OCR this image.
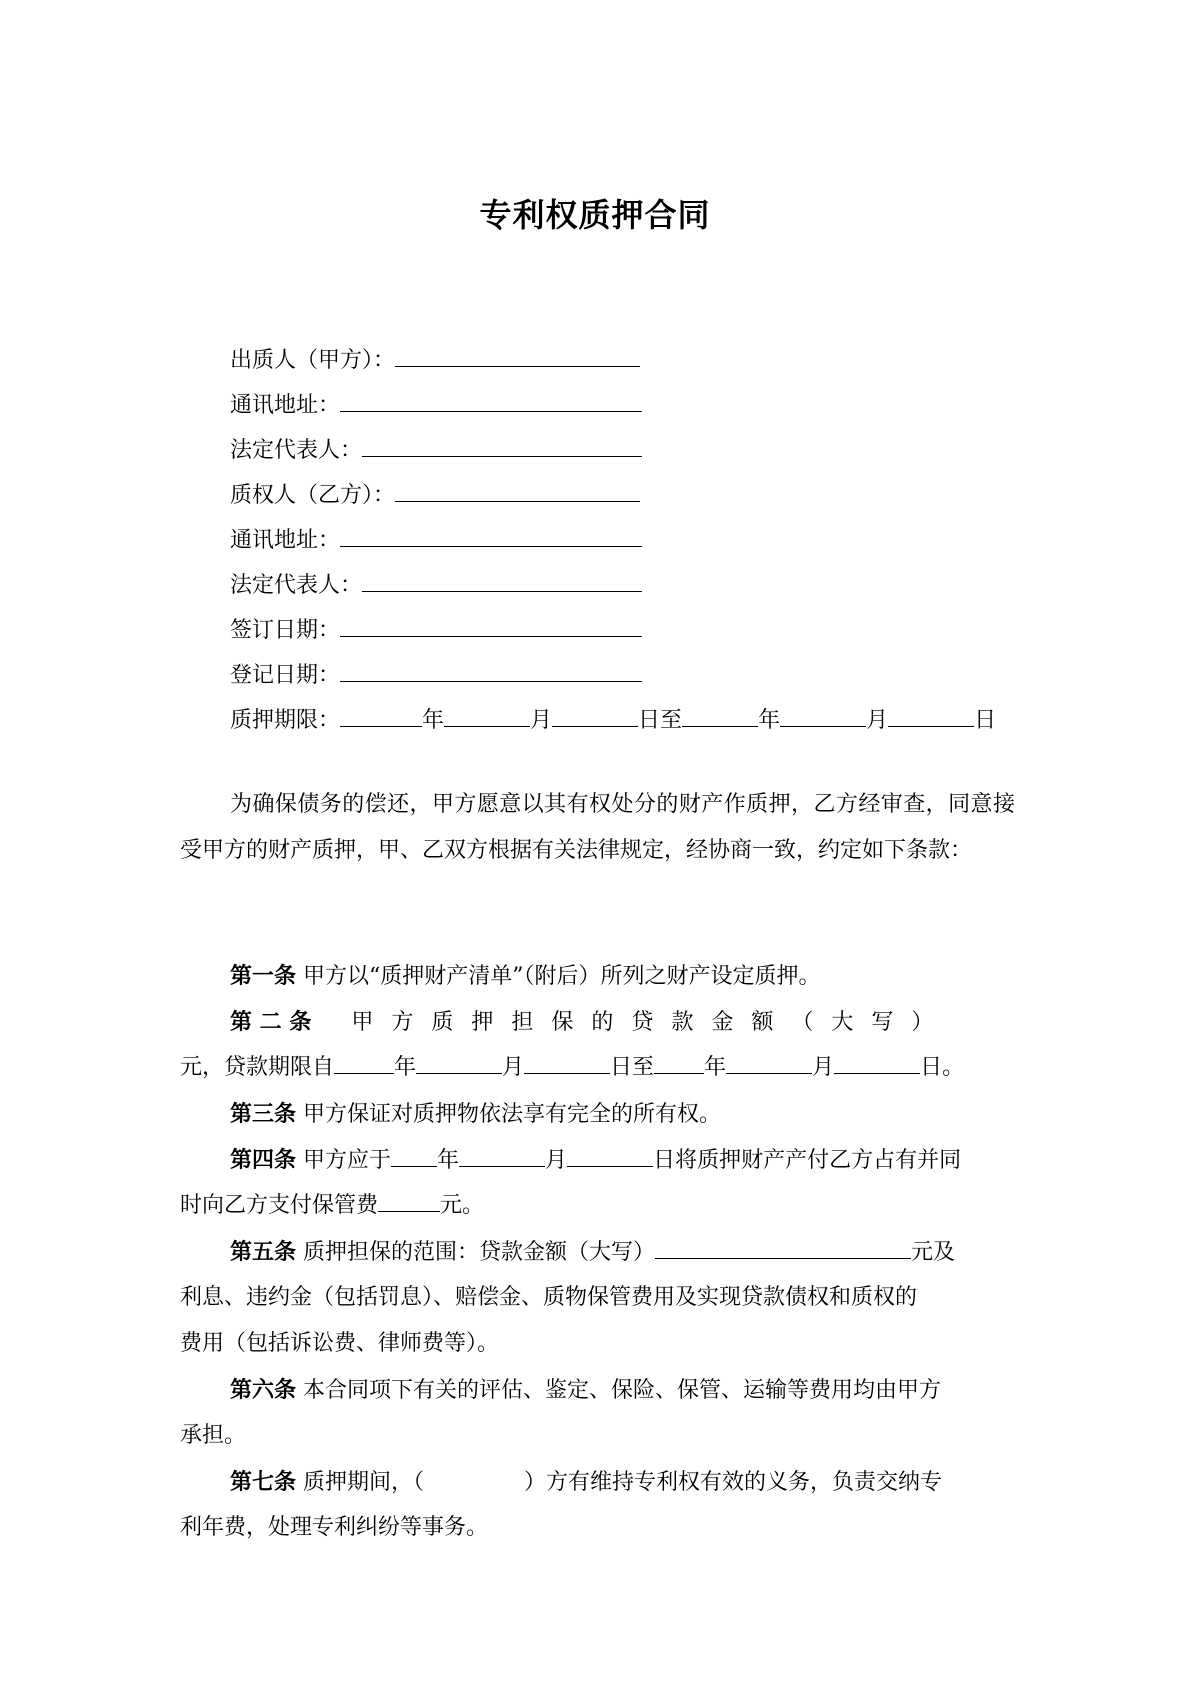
专利权质押合同
出质人（甲方）：
通讯地址：
法定代表人：
质权人（乙方）：
通讯地址：
法定代表人：
签订日期：
登记日期：
质押期限：	年	月	日至	年	月	日
为确保债务的偿还，甲方愿意以其有权处分的财产作质押，乙方经审查，同意接受甲方的财产质押，甲、乙双方根据有关法律规定，经协商一致，约定如下条款：
第一条 甲方以“质押财产清单”（附后）所列之财产设定质押。
第 二 条 甲方质押担保的贷款金额（大写）
元，贷款期限自	年	月	日至 年	月	日。
第三条 甲方保证对质押物依法享有完全的所有权。
第四条 甲方应于 年	月	日将质押财产产付乙方占有并同
时向乙方支付保管费	元。
第五条 质押担保的范围：贷款金额（大写）	元及
利息、违约金（包括罚息）、赔偿金、质物保管费用及实现贷款债权和质权的
费用（包括诉讼费、律师费等）。
第六条 本合同项下有关的评估、鉴定、保险、保管、运输等费用均由甲方
承担。
第七条 质押期间，（	）方有维持专利权有效的义务，负责交纳专
利年费，处理专利纠纷等事务。
